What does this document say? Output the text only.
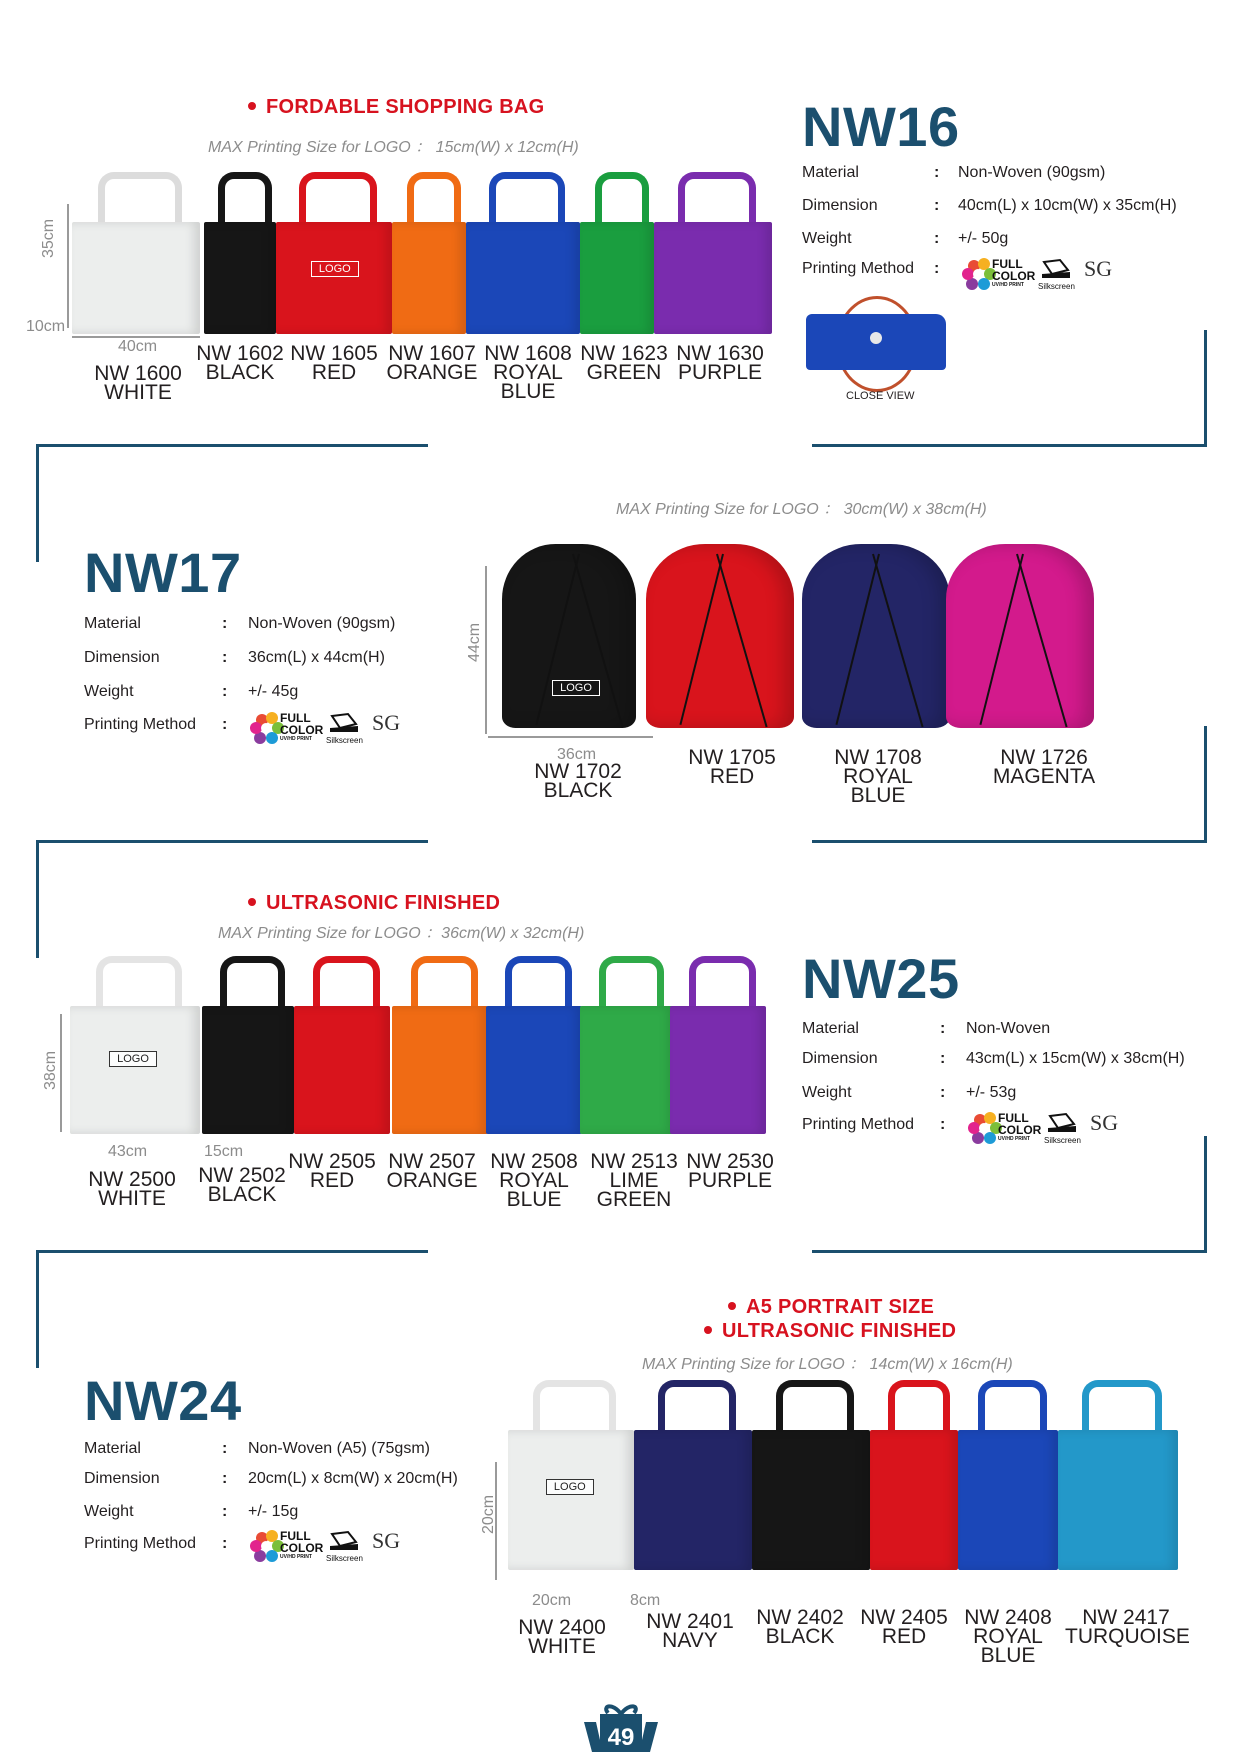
FORDABLE SHOPPING BAG
MAX Printing Size for LOGO ： 15cm(W) x 12cm(H)	NW16
Material	: Non-Woven (90gsm)
Dimension	: 40cm(L) x 10cm(W) x 35cm(H)
Weight	: +/- 50g
Printing Method :	FULL
COLOR
UV/HD PRINT	Silkscreen
SG
CLOSE VIEW
LOGO
35cm
10cm
40cm
MAX Printing Size for LOGO ： 30cm(W) x 38cm(H)
NW17
Material	: Non-Woven (90gsm)
Dimension	: 36cm(L) x 44cm(H)
Weight	: +/- 45g
Printing Method :	FULL
COLOR
UV/HD PRINT	Silkscreen
SG
LOGO
44cm
36cm
ULTRASONIC FINISHED
MAX Printing Size for LOGO ：36cm(W) x 32cm(H)
NW25
Material	: Non-Woven
Dimension	: 43cm(L) x 15cm(W) x 38cm(H)
Weight	: +/- 53g
Printing Method :	FULL
COLOR
UV/HD PRINT	Silkscreen
SG
LOGO
38cm
43cm	15cm
A5 PORTRAIT SIZE
ULTRASONIC FINISHED
MAX Printing Size for LOGO ： 14cm(W) x 16cm(H)
NW24
Material	: Non-Woven (A5) (75gsm)
Dimension	: 20cm(L) x 8cm(W) x 20cm(H)
Weight	: +/- 15g
Printing Method :	FULL
COLOR
UV/HD PRINT	Silkscreen
SG
LOGO
20cm
20cm	8cm
49
NW 1600
WHITE
NW 1602
BLACK
NW 1605
RED
NW 1607
ORANGE
NW 1608
ROYAL
BLUE
NW 1623
GREEN
NW 1630
PURPLE
NW 1702
BLACK
NW 1705
RED
NW 1708
ROYAL
BLUE
NW 1726
MAGENTA
NW 2500
WHITE
NW 2502
BLACK
NW 2505
RED
NW 2507
ORANGE
NW 2508
ROYAL
BLUE
NW 2513
LIME
GREEN
NW 2530
PURPLE
NW 2400
WHITE
NW 2401
NAVY
NW 2402
BLACK
NW 2405
RED
NW 2408
ROYAL
BLUE
NW 2417
TURQUOISE
